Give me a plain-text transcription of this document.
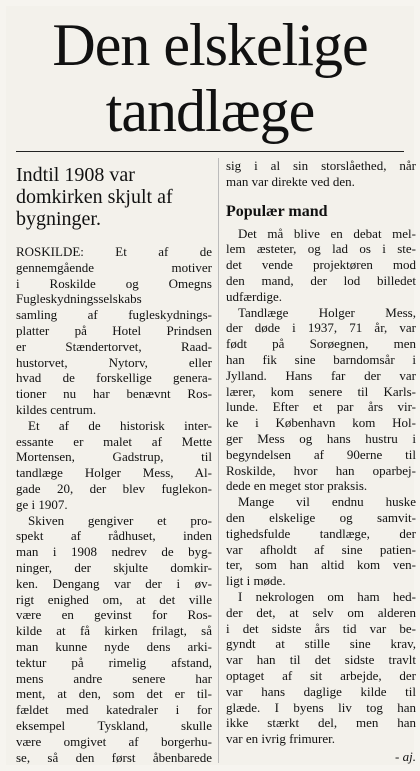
Den elskelige
tandlæge
Indtil 1908 var
domkirken skjult af
bygninger.
ROSKILDE: Et af de
gennemgående motiver
i Roskilde og Omegns
Fugleskydningsselskabs
samling af fugleskydnings-
platter på Hotel Prindsen
er Stændertorvet, Raad-
hustorvet, Nytorv, eller
hvad de forskellige genera-
tioner nu har benævnt Ros-
kildes centrum.
Et af de historisk inter-
essante er malet af Mette
Mortensen, Gadstrup, til
tandlæge Holger Mess, Al-
gade 20, der blev fuglekon-
ge i 1907.
Skiven gengiver et pro-
spekt af rådhuset, inden
man i 1908 nedrev de byg-
ninger, der skjulte domkir-
ken. Dengang var der i øv-
rigt enighed om, at det ville
være en gevinst for Ros-
kilde at få kirken frilagt, så
man kunne nyde dens arki-
tektur på rimelig afstand,
mens andre senere har
ment, at den, som det er til-
fældet med katedraler i for
eksempel Tyskland, skulle
være omgivet af borgerhu-
se, så den først åbenbarede
sig i al sin storslåethed, når
man var direkte ved den.
Populær mand
Det må blive en debat mel-
lem æsteter, og lad os i ste-
det vende projektøren mod
den mand, der lod billedet
udfærdige.
Tandlæge Holger Mess,
der døde i 1937, 71 år, var
født på Sorøegnen, men
han fik sine barndomsår i
Jylland. Hans far der var
lærer, kom senere til Karls-
lunde. Efter et par års vir-
ke i København kom Hol-
ger Mess og hans hustru i
begyndelsen af 90erne til
Roskilde, hvor han oparbej-
dede en meget stor praksis.
Mange vil endnu huske
den elskelige og samvit-
tighedsfulde tandlæge, der
var afholdt af sine patien-
ter, som han altid kom ven-
ligt i møde.
I nekrologen om ham hed-
der det, at selv om alderen
i det sidste års tid var be-
gyndt at stille sine krav,
var han til det sidste travlt
optaget af sit arbejde, der
var hans daglige kilde til
glæde. I byens liv tog han
ikke stærkt del, men han
var en ivrig frimurer.
- aj.
